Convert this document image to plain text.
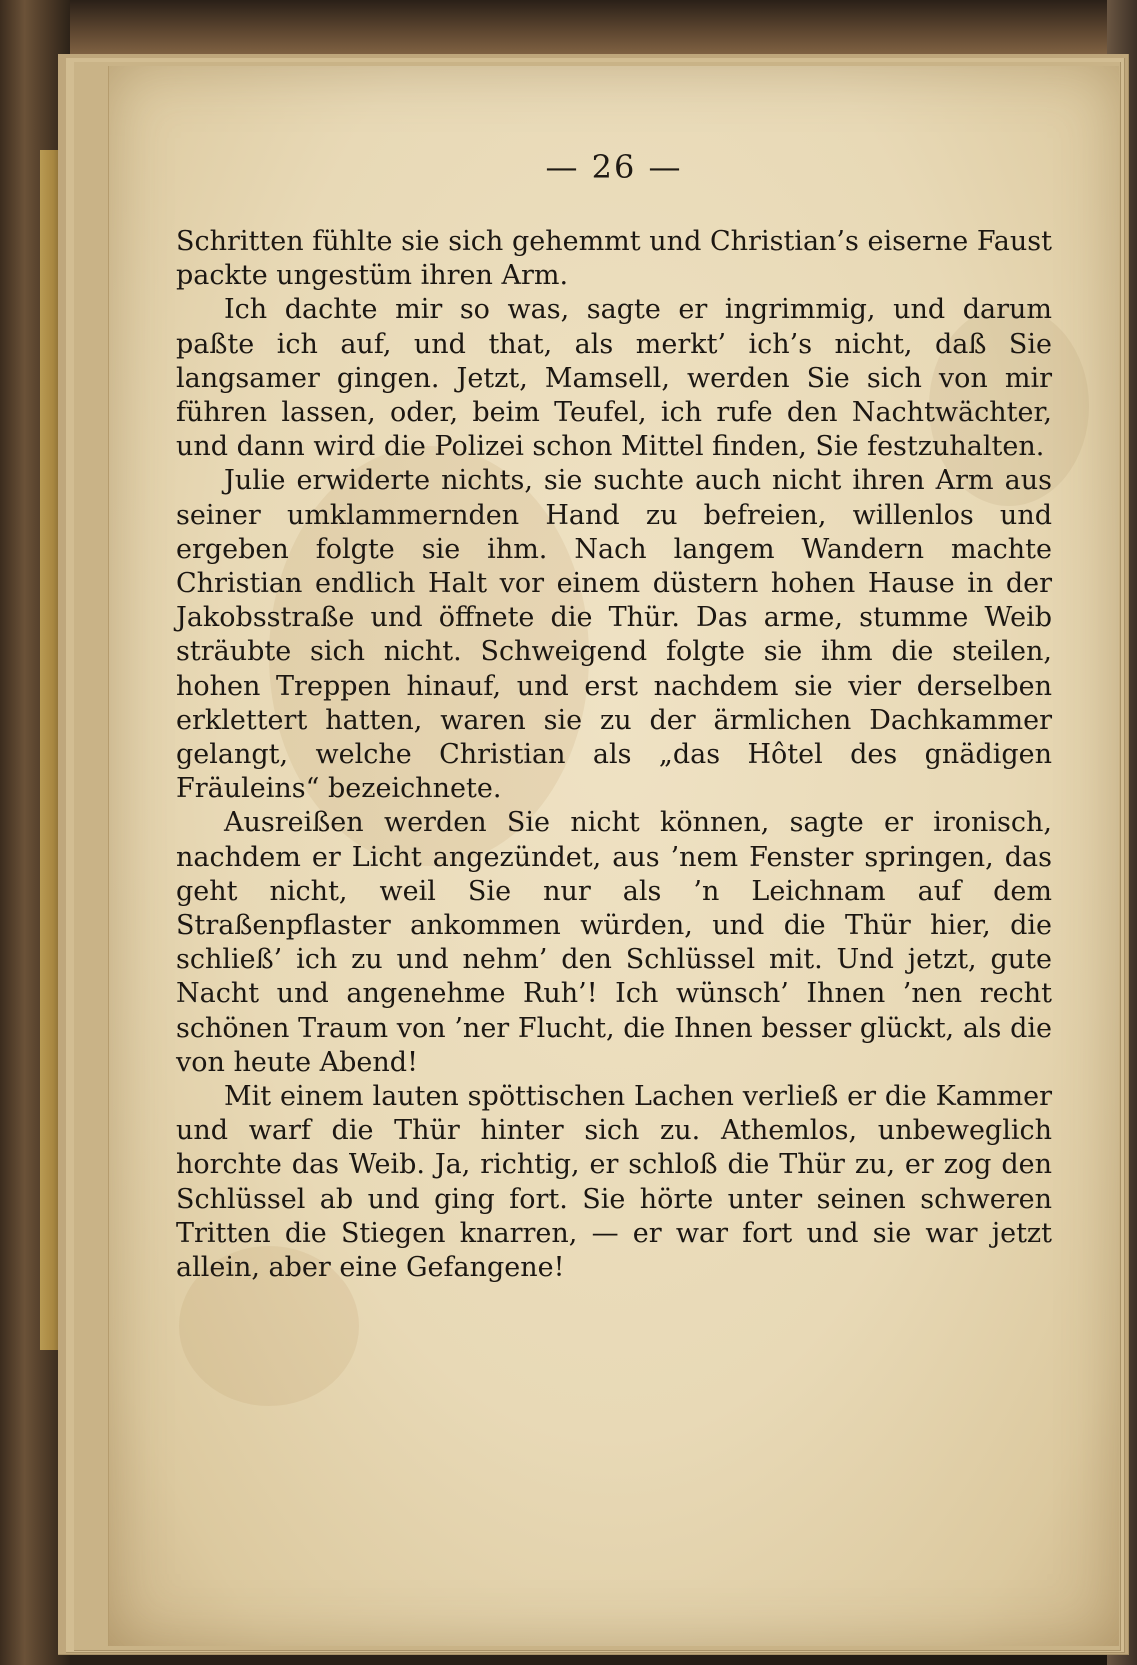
— 26 —

Schritten fühlte sie sich gehemmt und Christian’s eiserne Faust packte ungestüm ihren Arm.

Ich dachte mir so was, sagte er ingrimmig, und darum paßte ich auf, und that, als merkt’ ich’s nicht, daß Sie langsamer gingen. Jetzt, Mamsell, werden Sie sich von mir führen lassen, oder, beim Teufel, ich rufe den Nachtwächter, und dann wird die Polizei schon Mittel finden, Sie festzuhalten.

Julie erwiderte nichts, sie suchte auch nicht ihren Arm aus seiner umklammernden Hand zu befreien, willenlos und ergeben folgte sie ihm. Nach langem Wandern machte Christian endlich Halt vor einem düstern hohen Hause in der Jakobsstraße und öffnete die Thür. Das arme, stumme Weib sträubte sich nicht. Schweigend folgte sie ihm die steilen, hohen Treppen hinauf, und erst nachdem sie vier derselben erklettert hatten, waren sie zu der ärmlichen Dachkammer gelangt, welche Christian als „das Hôtel des gnädigen Fräuleins“ bezeichnete.

Ausreißen werden Sie nicht können, sagte er ironisch, nachdem er Licht angezündet, aus ’nem Fenster springen, das geht nicht, weil Sie nur als ’n Leichnam auf dem Straßenpflaster ankommen würden, und die Thür hier, die schließ’ ich zu und nehm’ den Schlüssel mit. Und jetzt, gute Nacht und angenehme Ruh’! Ich wünsch’ Ihnen ’nen recht schönen Traum von ’ner Flucht, die Ihnen besser glückt, als die von heute Abend!

Mit einem lauten spöttischen Lachen verließ er die Kammer und warf die Thür hinter sich zu. Athemlos, unbeweglich horchte das Weib. Ja, richtig, er schloß die Thür zu, er zog den Schlüssel ab und ging fort. Sie hörte unter seinen schweren Tritten die Stiegen knarren, — er war fort und sie war jetzt allein, aber eine Gefangene!
